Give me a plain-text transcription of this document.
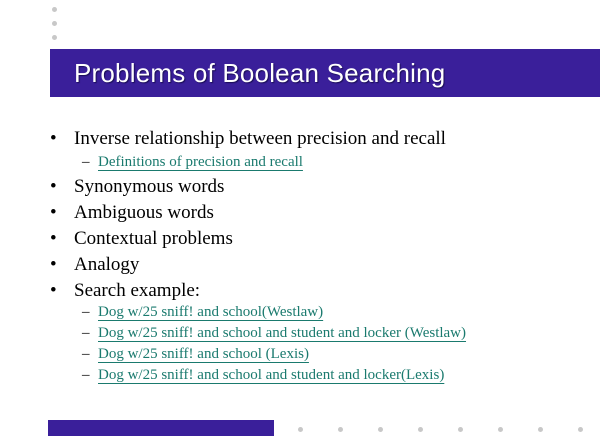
Problems of Boolean Searching
• Inverse relationship between precision and recall
– Definitions of precision and recall
• Synonymous words
• Ambiguous words
• Contextual problems
• Analogy
• Search example:
– Dog w/25 sniff! and school(Westlaw)
– Dog w/25 sniff! and school and student and locker (Westlaw)
– Dog w/25 sniff! and school (Lexis)
– Dog w/25 sniff! and school and student and locker(Lexis)
